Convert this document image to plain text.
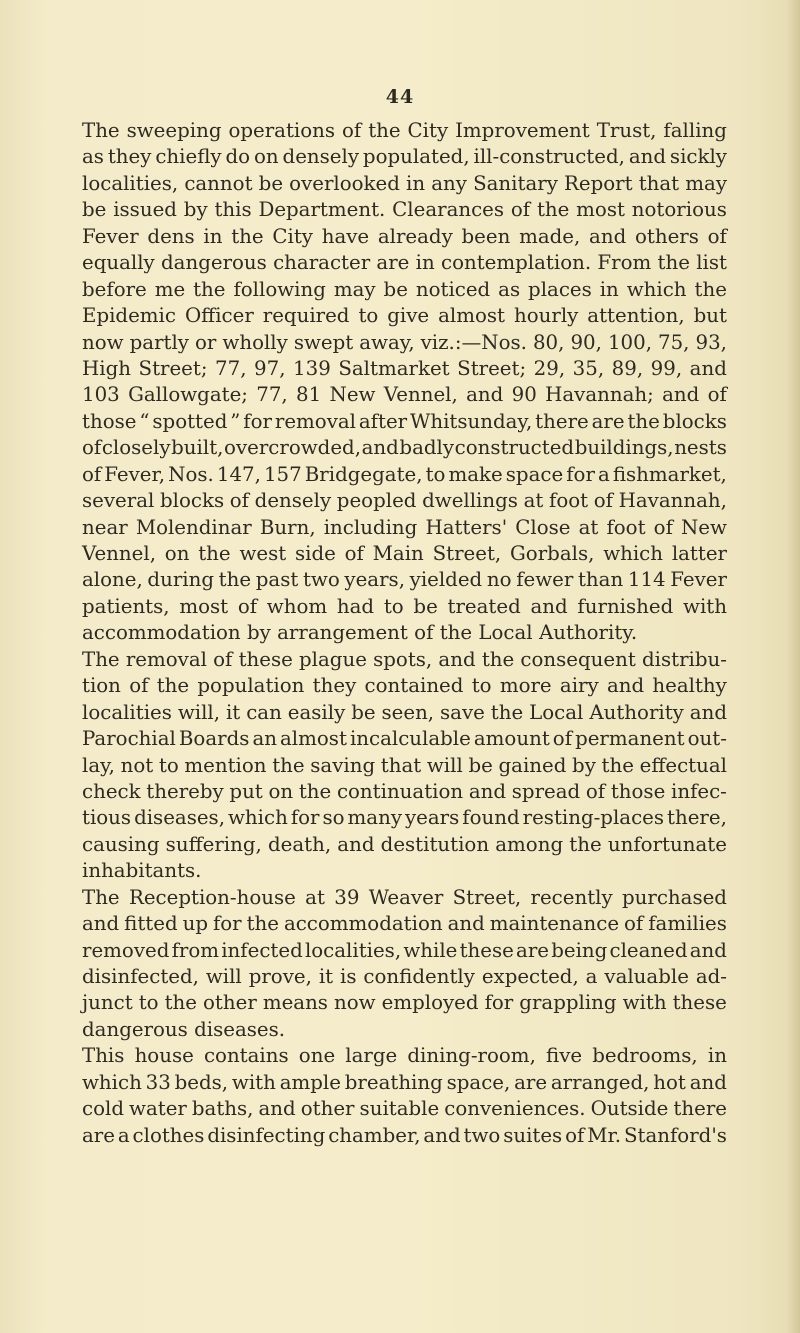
44
The sweeping operations of the City Improvement Trust, falling
as they chiefly do on densely populated, ill-constructed, and sickly
localities, cannot be overlooked in any Sanitary Report that may
be issued by this Department. Clearances of the most notorious
Fever dens in the City have already been made, and others of
equally dangerous character are in contemplation. From the list
before me the following may be noticed as places in which the
Epidemic Officer required to give almost hourly attention, but
now partly or wholly swept away, viz.:—Nos. 80, 90, 100, 75, 93,
High Street; 77, 97, 139 Saltmarket Street; 29, 35, 89, 99, and
103 Gallowgate; 77, 81 New Vennel, and 90 Havannah; and of
those “ spotted ” for removal after Whitsunday, there are the blocks
of closely built, overcrowded, and badly constructed buildings, nests
of Fever, Nos. 147, 157 Bridgegate, to make space for a fishmarket,
several blocks of densely peopled dwellings at foot of Havannah,
near Molendinar Burn, including Hatters' Close at foot of New
Vennel, on the west side of Main Street, Gorbals, which latter
alone, during the past two years, yielded no fewer than 114 Fever
patients, most of whom had to be treated and furnished with
accommodation by arrangement of the Local Authority.
The removal of these plague spots, and the consequent distribu-
tion of the population they contained to more airy and healthy
localities will, it can easily be seen, save the Local Authority and
Parochial Boards an almost incalculable amount of permanent out-
lay, not to mention the saving that will be gained by the effectual
check thereby put on the continuation and spread of those infec-
tious diseases, which for so many years found resting-places there,
causing suffering, death, and destitution among the unfortunate
inhabitants.
The Reception-house at 39 Weaver Street, recently purchased
and fitted up for the accommodation and maintenance of families
removed from infected localities, while these are being cleaned and
disinfected, will prove, it is confidently expected, a valuable ad-
junct to the other means now employed for grappling with these
dangerous diseases.
This house contains one large dining-room, five bedrooms, in
which 33 beds, with ample breathing space, are arranged, hot and
cold water baths, and other suitable conveniences. Outside there
are a clothes disinfecting chamber, and two suites of Mr. Stanford's
